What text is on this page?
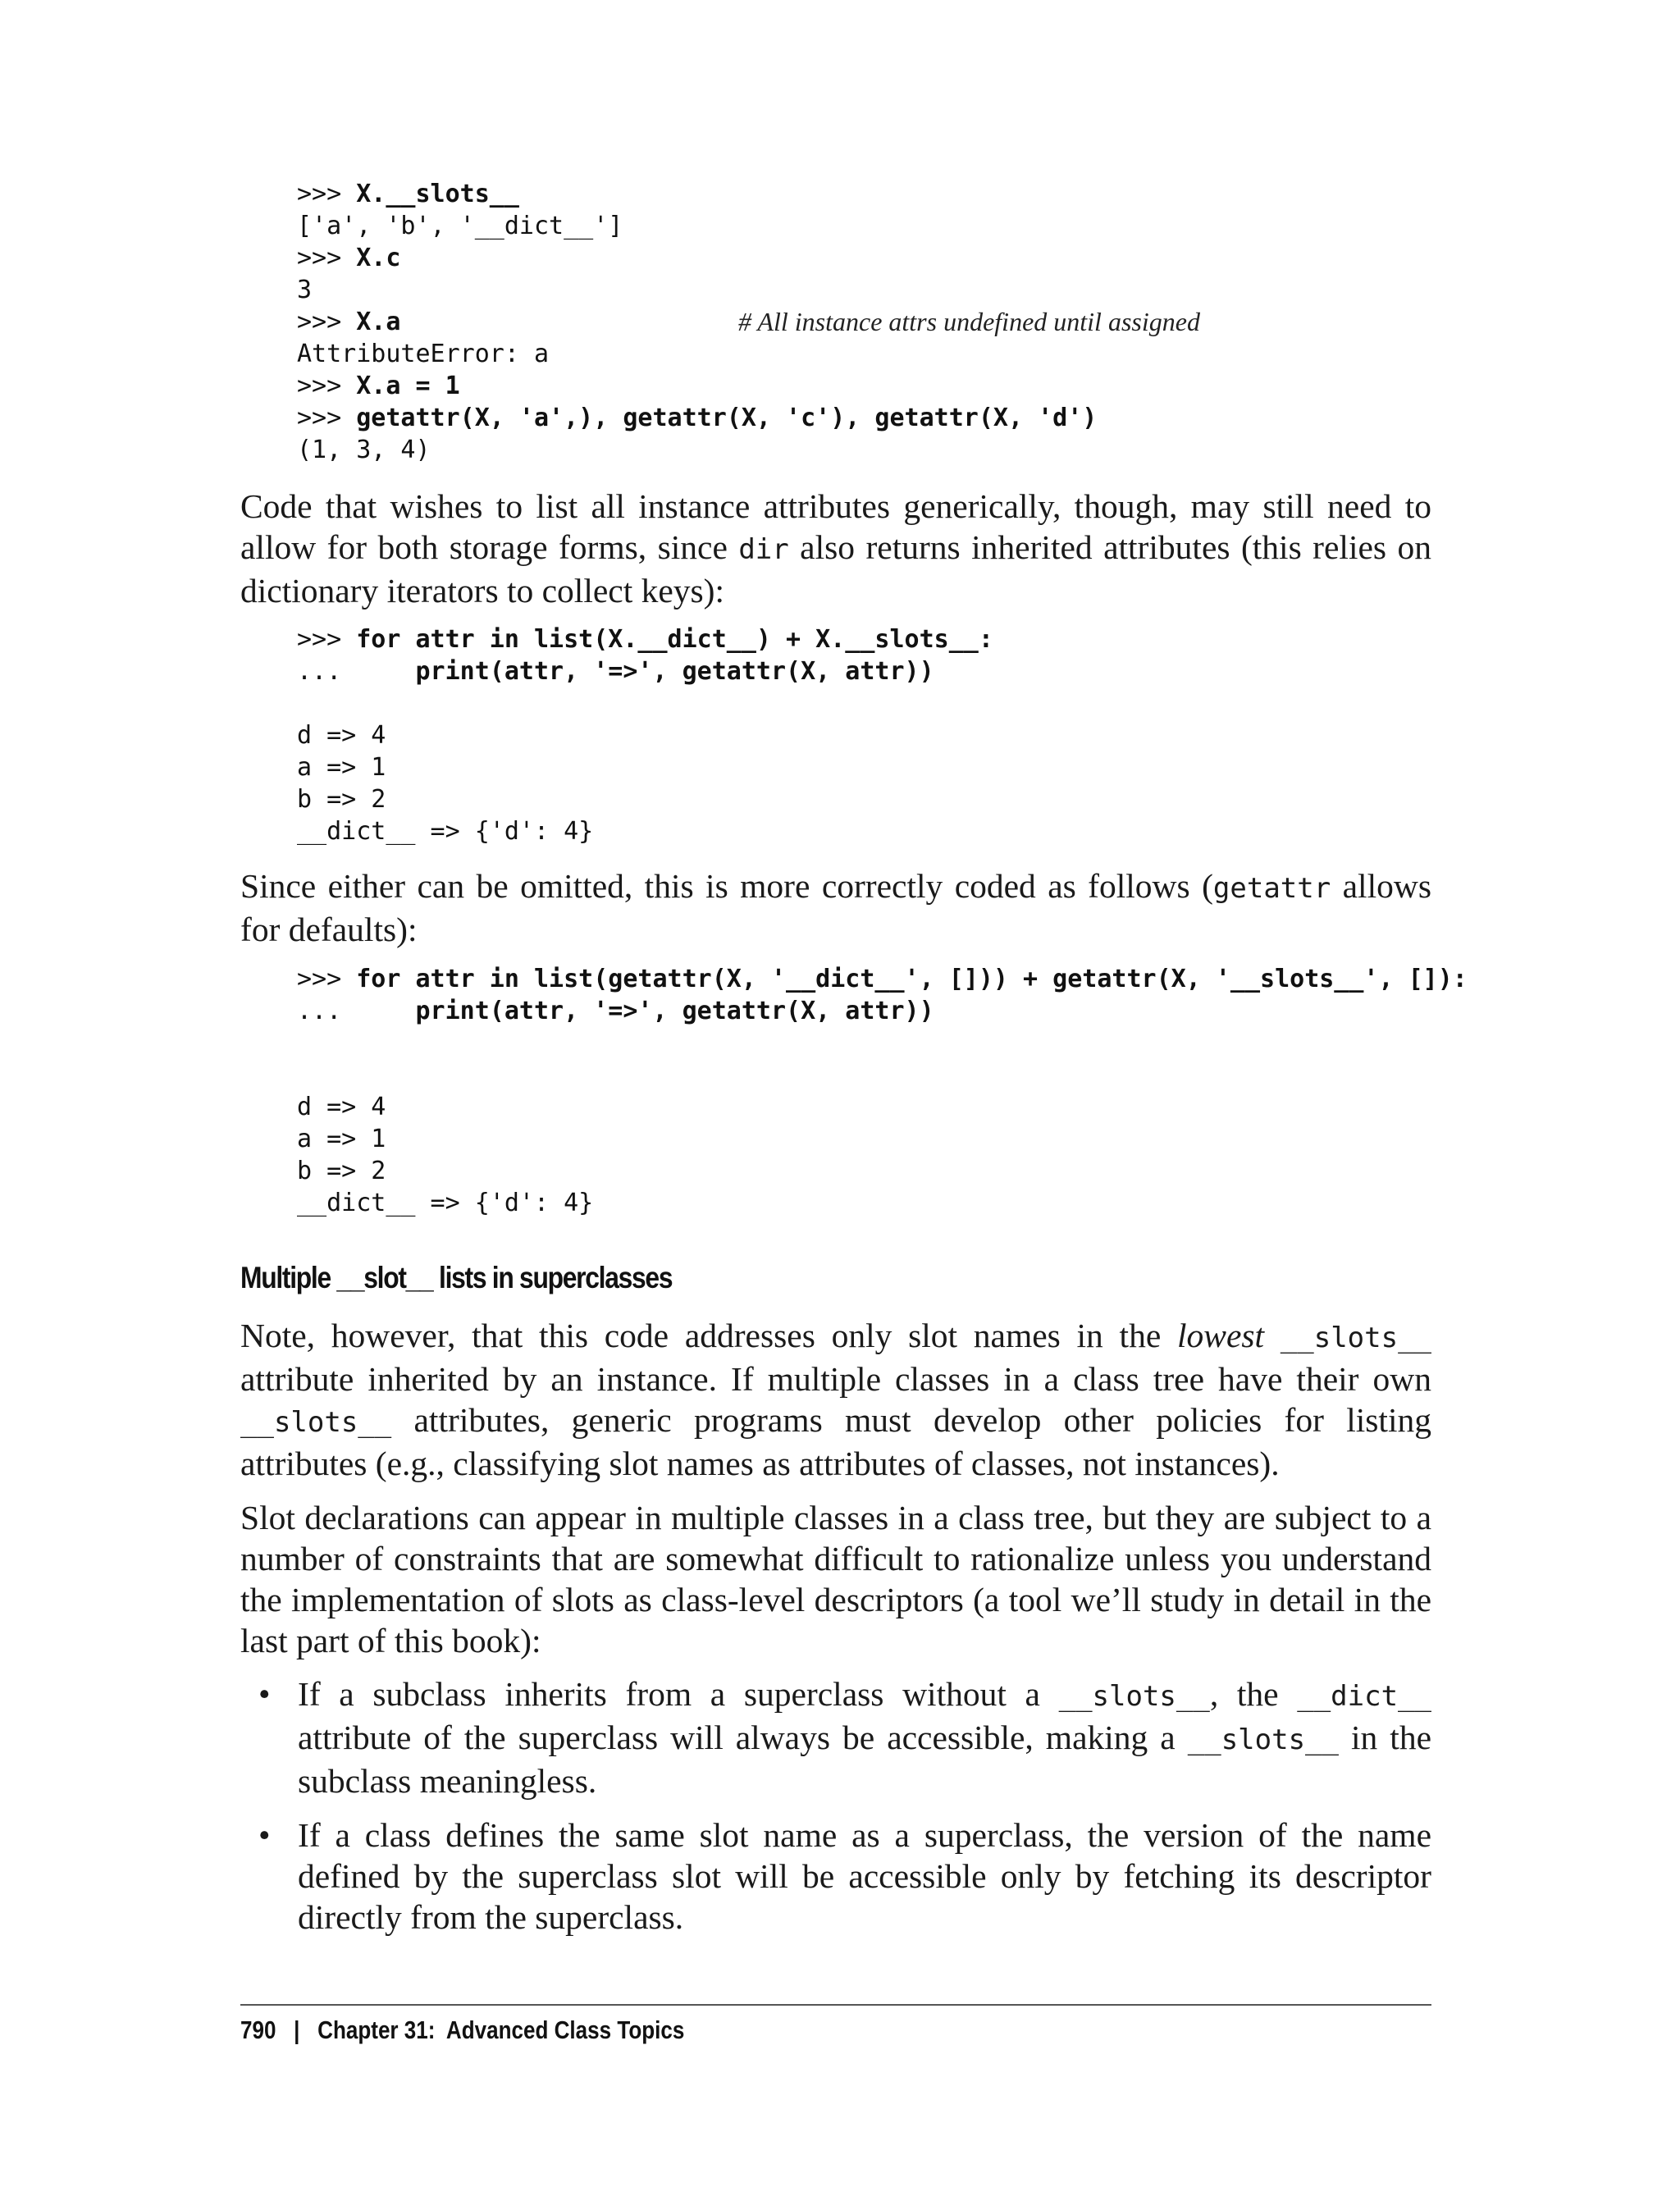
>>> X.__slots__
['a', 'b', '__dict__']
>>> X.c
3
>>> X.a	# All instance attrs undefined until assigned
AttributeError: a
>>> X.a = 1
>>> getattr(X, 'a',), getattr(X, 'c'), getattr(X, 'd')
(1, 3, 4)

Code that wishes to list all instance attributes generically, though, may still need to allow for both storage forms, since dir also returns inherited attributes (this relies on dictionary iterators to collect keys):

>>> for attr in list(X.__dict__) + X.__slots__:
...     print(attr, '=>', getattr(X, attr))
d => 4
a => 1
b => 2
__dict__ => {'d': 4}

Since either can be omitted, this is more correctly coded as follows (getattr allows for defaults):

>>> for attr in list(getattr(X, '__dict__', [])) + getattr(X, '__slots__', []):
...     print(attr, '=>', getattr(X, attr))
d => 4
a => 1
b => 2
__dict__ => {'d': 4}
Multiple __slot__ lists in superclasses

Note, however, that this code addresses only slot names in the lowest __slots__ attribute inherited by an instance. If multiple classes in a class tree have their own __slots__ attributes, generic programs must develop other policies for listing attributes (e.g., classifying slot names as attributes of classes, not instances).

Slot declarations can appear in multiple classes in a class tree, but they are subject to a number of constraints that are somewhat difficult to rationalize unless you understand the implementation of slots as class-level descriptors (a tool we’ll study in detail in the last part of this book):

• If a subclass inherits from a superclass without a __slots__, the __dict__ attribute of the superclass will always be accessible, making a __slots__ in the subclass meaningless.
• If a class defines the same slot name as a superclass, the version of the name defined by the superclass slot will be accessible only by fetching its descriptor directly from the superclass.
790 | Chapter 31:  Advanced Class Topics
